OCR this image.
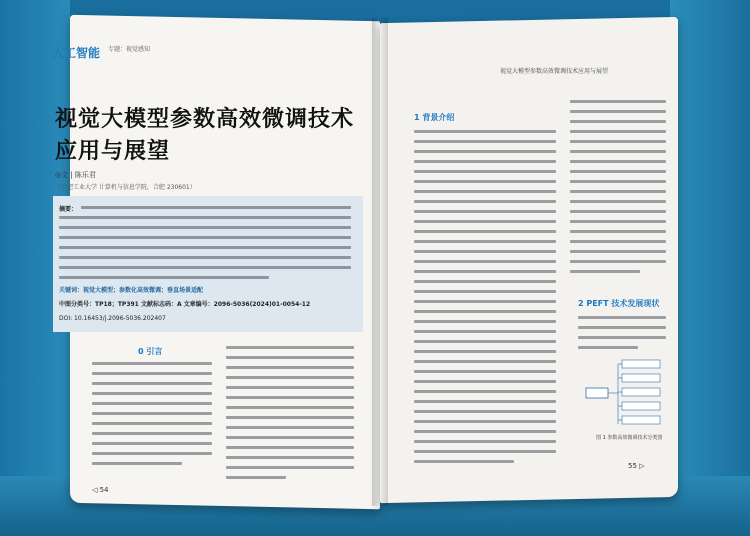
人工智能 专题：视觉感知
视觉大模型参数高效微调技术
应用与展望
◎文 | 陈乐君
（合肥工业大学 计算机与信息学院，合肥 230601）
摘要：
关键词：视觉大模型；参数化高效微调；垂直场景适配
中图分类号：TP18；TP391 文献标志码：A 文章编号：2096-5036(2024)01-0054-12
DOI: 10.16453/j.2096-5036.202407
0 引言
◁ 54
视觉大模型参数高效微调技术应用与展望
1 背景介绍
2 PEFT 技术发展现状
图 1 参数高效微调技术分类图
55 ▷
